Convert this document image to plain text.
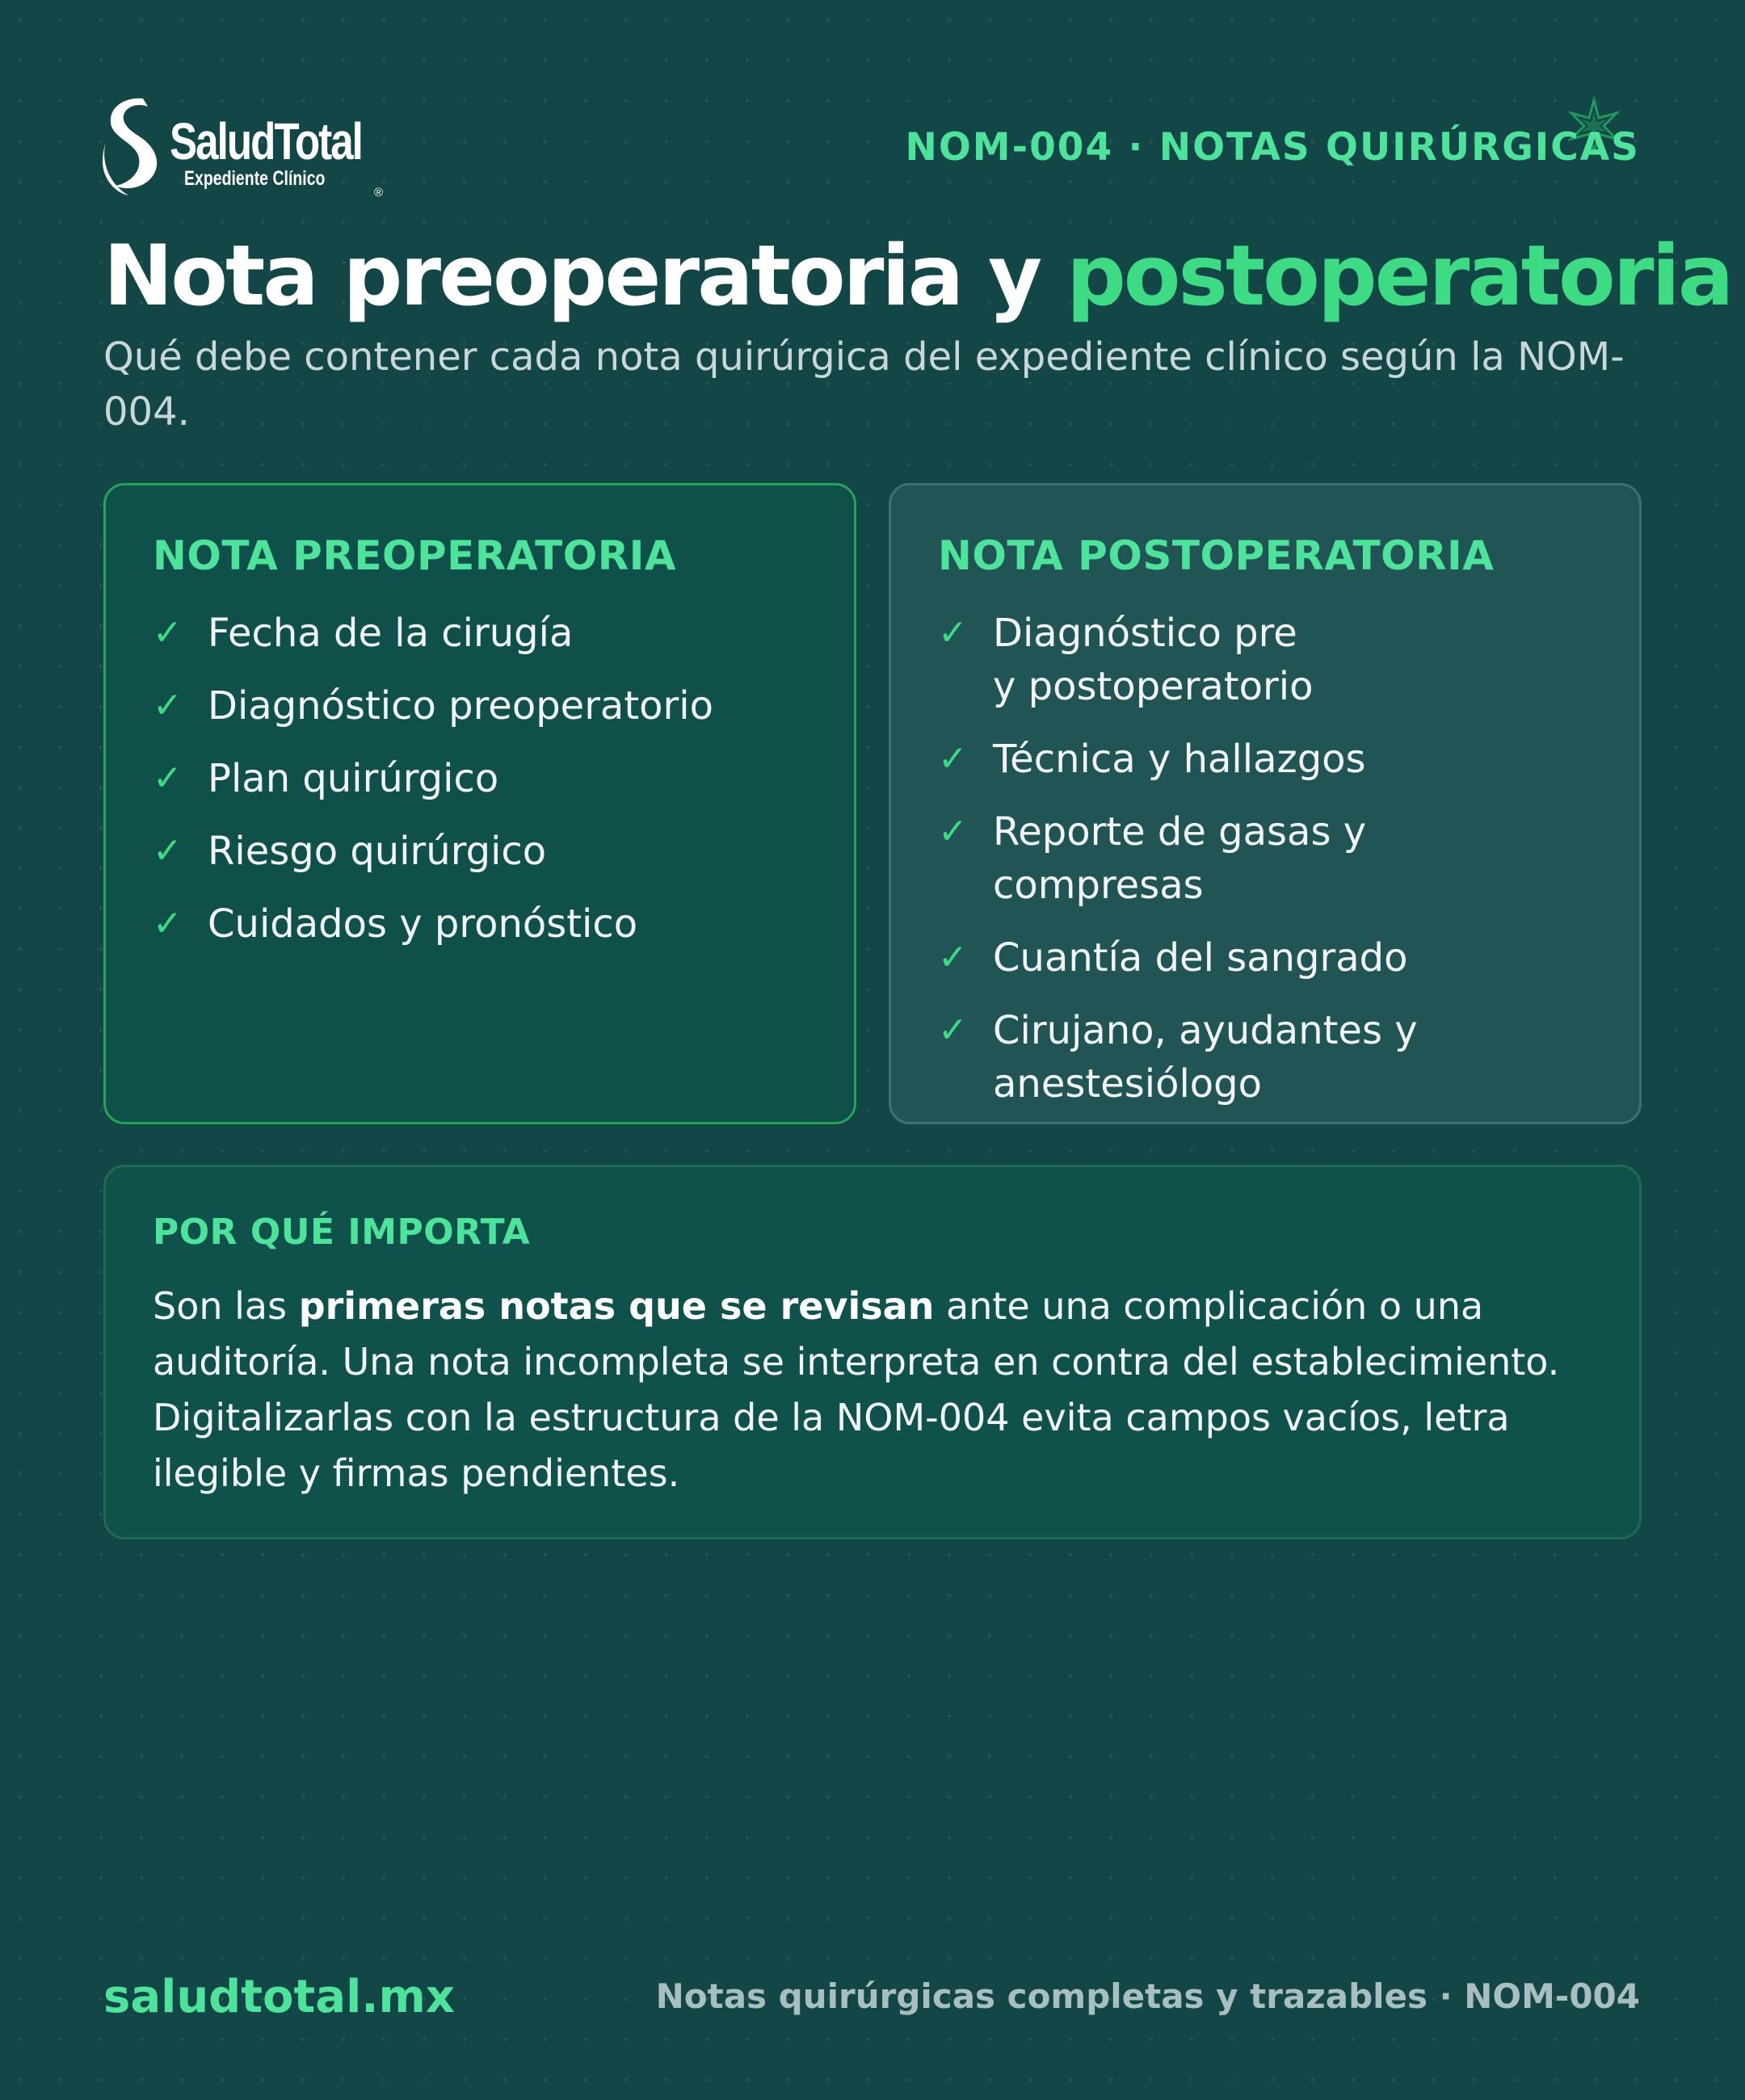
SaludTotal
Expediente Clínico
®
NOM-004 · NOTAS QUIRÚRGICAS
Nota preoperatoria y postoperatoria

Qué debe contener cada nota quirúrgica del expediente clínico según la NOM-004.

NOTA PREOPERATORIA
✓ Fecha de la cirugía
✓ Diagnóstico preoperatorio
✓ Plan quirúrgico
✓ Riesgo quirúrgico
✓ Cuidados y pronóstico
NOTA POSTOPERATORIA
✓ Diagnóstico pre y postoperatorio
✓ Técnica y hallazgos
✓ Reporte de gasas y compresas
✓ Cuantía del sangrado
✓ Cirujano, ayudantes y anestesiólogo
POR QUÉ IMPORTA

Son las primeras notas que se revisan ante una complicación o una auditoría. Una nota incompleta se interpreta en contra del establecimiento. Digitalizarlas con la estructura de la NOM-004 evita campos vacíos, letra ilegible y firmas pendientes.

saludtotal.mx	Notas quirúrgicas completas y trazables · NOM-004
